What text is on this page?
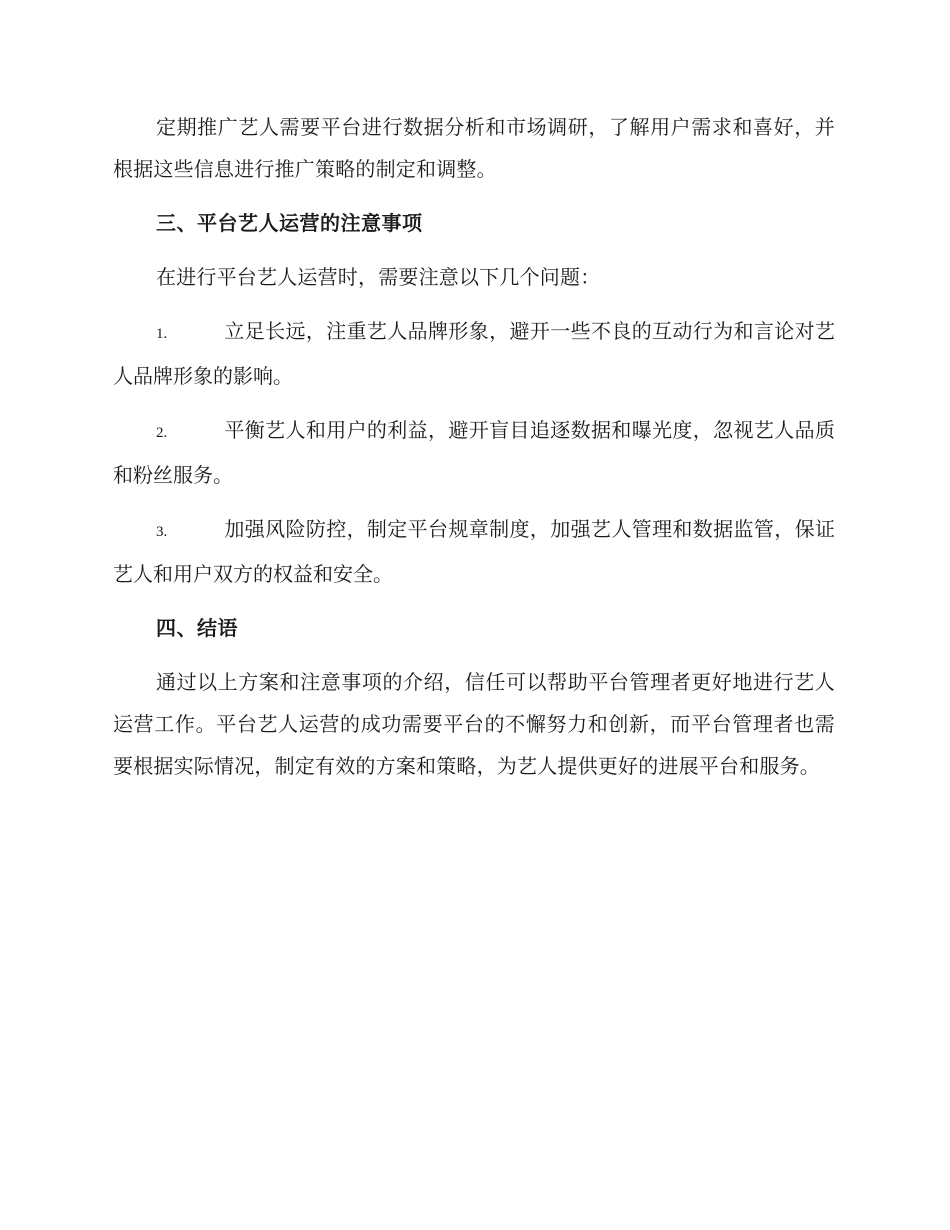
定期推广艺人需要平台进行数据分析和市场调研，了解用户需求和喜好，并根据这些信息进行推广策略的制定和调整。

三、平台艺人运营的注意事项

在进行平台艺人运营时，需要注意以下几个问题：

1.	立足长远，注重艺人品牌形象，避开一些不良的互动行为和言论对艺人品牌形象的影响。
2.	平衡艺人和用户的利益，避开盲目追逐数据和曝光度，忽视艺人品质和粉丝服务。
3.	加强风险防控，制定平台规章制度，加强艺人管理和数据监管，保证艺人和用户双方的权益和安全。
四、结语

通过以上方案和注意事项的介绍，信任可以帮助平台管理者更好地进行艺人运营工作。平台艺人运营的成功需要平台的不懈努力和创新，而平台管理者也需要根据实际情况，制定有效的方案和策略，为艺人提供更好的进展平台和服务。
